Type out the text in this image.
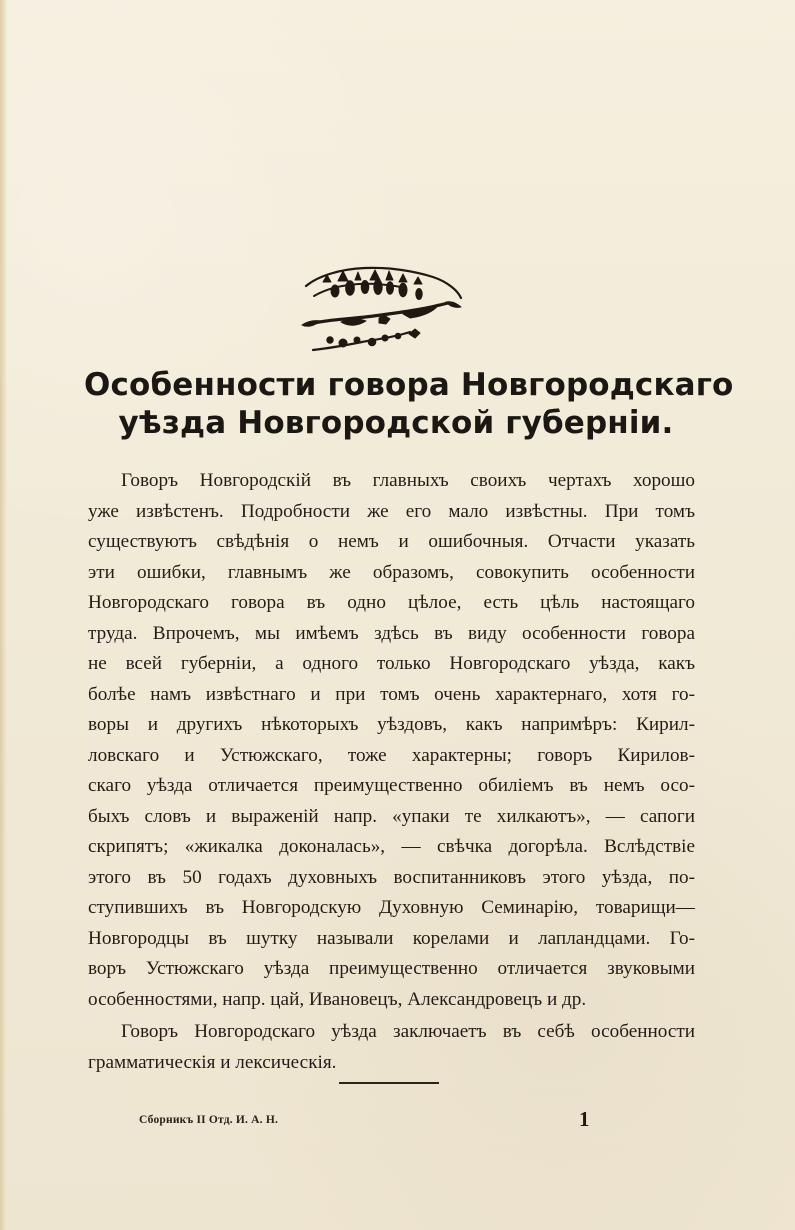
Особенности говора Новгородскаго
уѣзда Новгородской губерніи.
Говоръ Новгородскій въ главныхъ своихъ чертахъ хорошо
уже извѣстенъ. Подробности же его мало извѣстны. При томъ
существуютъ свѣдѣнія о немъ и ошибочныя. Отчасти указать
эти ошибки, главнымъ же образомъ, совокупить особенности
Новгородскаго говора въ одно цѣлое, есть цѣль настоящаго
труда. Впрочемъ, мы имѣемъ здѣсь въ виду особенности говора
не всей губерніи, а одного только Новгородскаго уѣзда, какъ
болѣе намъ извѣстнаго и при томъ очень характернаго, хотя го-
воры и другихъ нѣкоторыхъ уѣздовъ, какъ напримѣръ: Кирил-
ловскаго и Устюжскаго, тоже характерны; говоръ Кирилов-
скаго уѣзда отличается преимущественно обиліемъ въ немъ осо-
быхъ словъ и выраженій напр. «упаки те хилкаютъ», — сапоги
скрипятъ; «жикалка доконалась», — свѣчка догорѣла. Вслѣдствіе
этого въ 50 годахъ духовныхъ воспитанниковъ этого уѣзда, по-
ступившихъ въ Новгородскую Духовную Семинарію, товарищи—
Новгородцы въ шутку называли корелами и лапландцами. Го-
воръ Устюжскаго уѣзда преимущественно отличается звуковыми
особенностями, напр. цай, Ивановецъ, Александровецъ и др.
Говоръ Новгородскаго уѣзда заключаетъ въ себѣ особенности
грамматическія и лексическія.
Сборникъ II Отд. И. А. Н.	1
